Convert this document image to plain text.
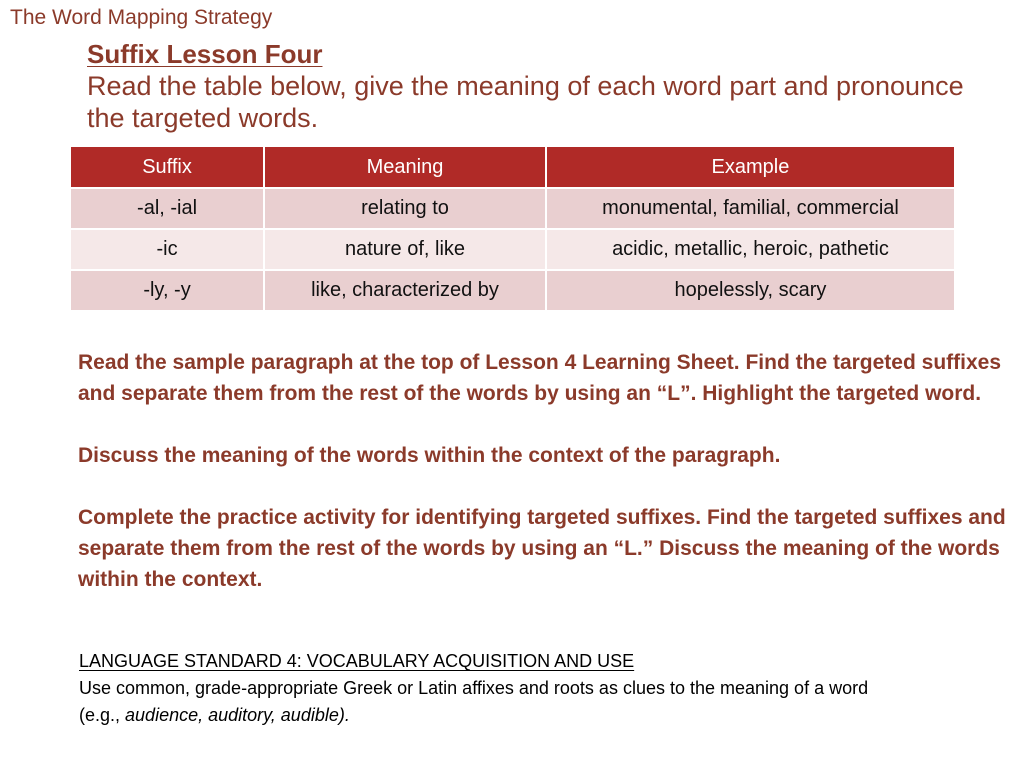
The Word Mapping Strategy
Suffix Lesson Four
Read the table below, give the meaning of each word part and pronounce the targeted words.
Suffix	Meaning	Example
-al, -ial	relating to	monumental, familial, commercial
-ic	nature of, like	acidic, metallic, heroic, pathetic
-ly, -y	like, characterized by	hopelessly, scary

Read the sample paragraph at the top of Lesson 4 Learning Sheet. Find the targeted suffixes and separate them from the rest of the words by using an “L”. Highlight the targeted word.

Discuss the meaning of the words within the context of the paragraph.

Complete the practice activity for identifying targeted suffixes. Find the targeted suffixes and separate them from the rest of the words by using an “L.” Discuss the meaning of the words within the context.

LANGUAGE STANDARD 4: VOCABULARY ACQUISITION AND USE
Use common, grade-appropriate Greek or Latin affixes and roots as clues to the meaning of a word (e.g., audience, auditory, audible).
